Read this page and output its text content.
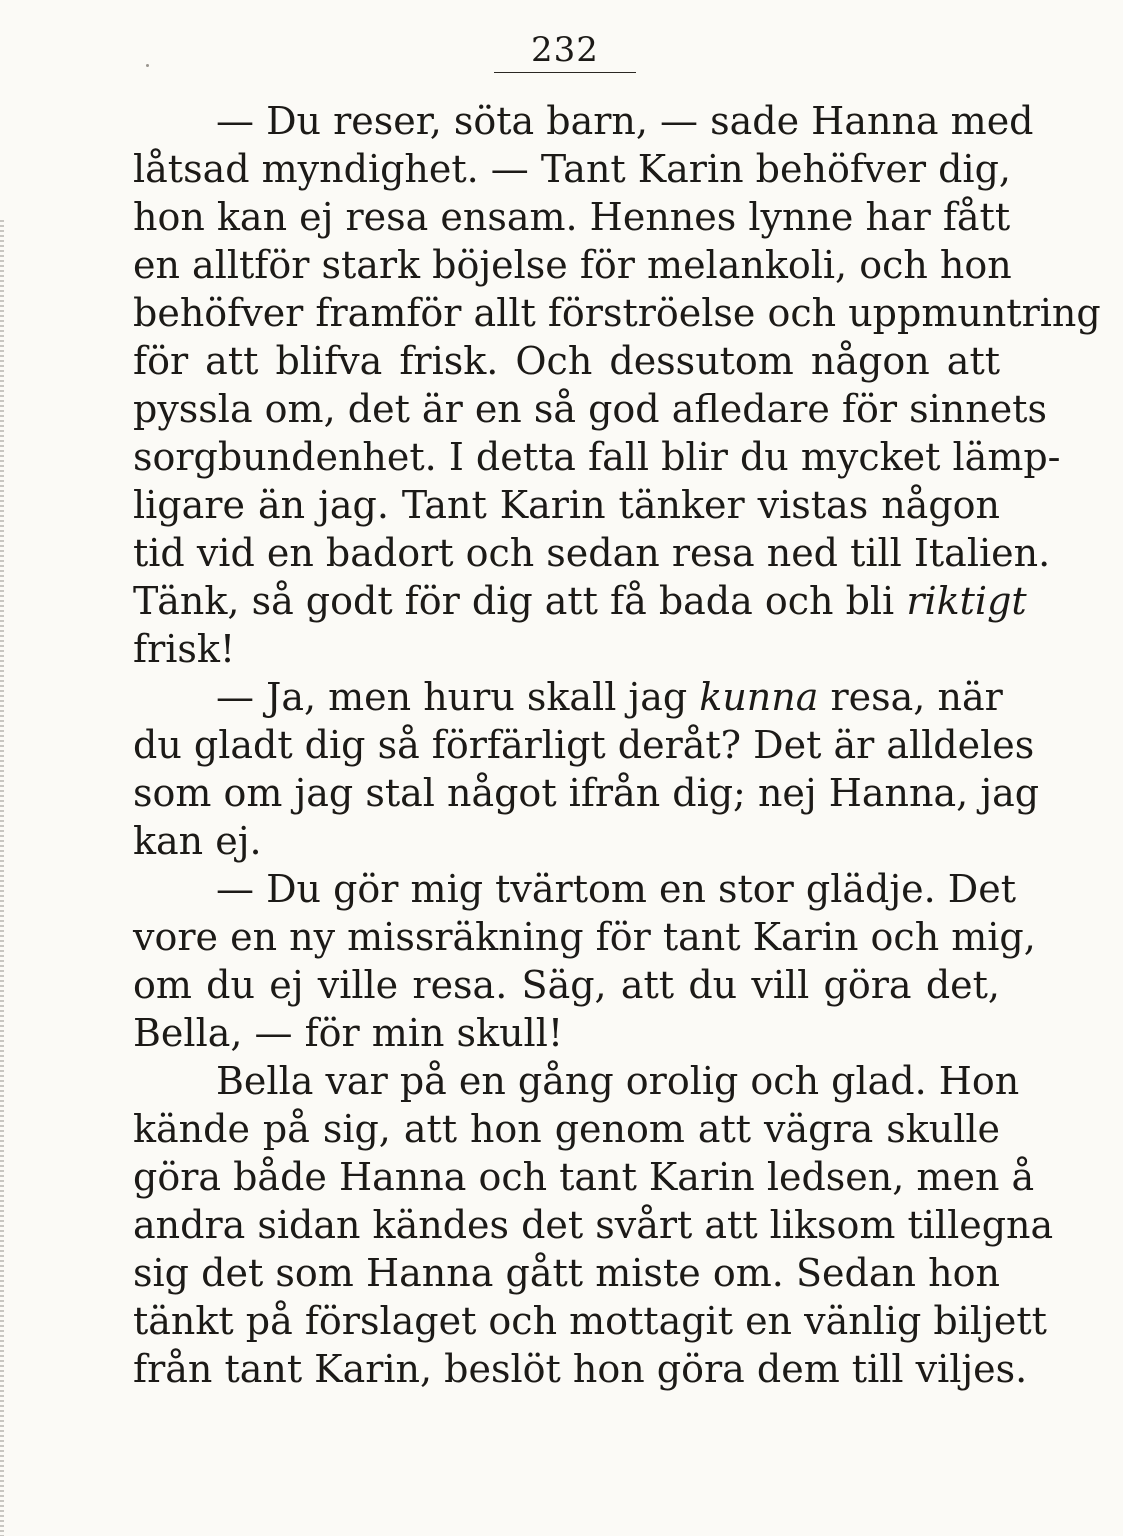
232
— Du reser, söta barn, — sade Hanna med
låtsad myndighet. — Tant Karin behöfver dig,
hon kan ej resa ensam. Hennes lynne har fått
en alltför stark böjelse för melankoli, och hon
behöfver framför allt förströelse och uppmuntring
för att blifva frisk. Och dessutom någon att
pyssla om, det är en så god afledare för sinnets
sorgbundenhet. I detta fall blir du mycket lämp-
ligare än jag. Tant Karin tänker vistas någon
tid vid en badort och sedan resa ned till Italien.
Tänk, så godt för dig att få bada och bli riktigt
frisk!
— Ja, men huru skall jag kunna resa, när
du gladt dig så förfärligt deråt? Det är alldeles
som om jag stal något ifrån dig; nej Hanna, jag
kan ej.
— Du gör mig tvärtom en stor glädje. Det
vore en ny missräkning för tant Karin och mig,
om du ej ville resa. Säg, att du vill göra det,
Bella, — för min skull!
Bella var på en gång orolig och glad. Hon
kände på sig, att hon genom att vägra skulle
göra både Hanna och tant Karin ledsen, men å
andra sidan kändes det svårt att liksom tillegna
sig det som Hanna gått miste om. Sedan hon
tänkt på förslaget och mottagit en vänlig biljett
från tant Karin, beslöt hon göra dem till viljes.
